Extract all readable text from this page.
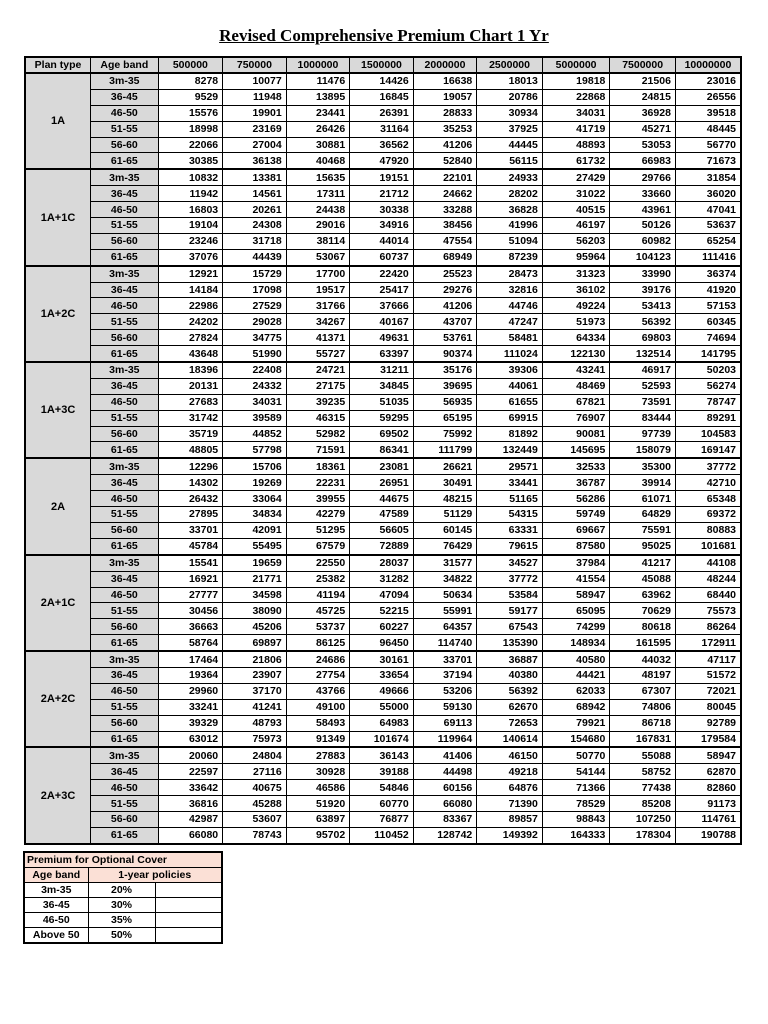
Revised Comprehensive Premium Chart 1 Yr
Plan type	Age band	500000	750000	1000000	1500000	2000000	2500000	5000000	7500000	10000000
1A	3m-35	8278	10077	11476	14426	16638	18013	19818	21506	23016
	36-45	9529	11948	13895	16845	19057	20786	22868	24815	26556
	46-50	15576	19901	23441	26391	28833	30934	34031	36928	39518
	51-55	18998	23169	26426	31164	35253	37925	41719	45271	48445
	56-60	22066	27004	30881	36562	41206	44445	48893	53053	56770
	61-65	30385	36138	40468	47920	52840	56115	61732	66983	71673
1A+1C	3m-35	10832	13381	15635	19151	22101	24933	27429	29766	31854
	36-45	11942	14561	17311	21712	24662	28202	31022	33660	36020
	46-50	16803	20261	24438	30338	33288	36828	40515	43961	47041
	51-55	19104	24308	29016	34916	38456	41996	46197	50126	53637
	56-60	23246	31718	38114	44014	47554	51094	56203	60982	65254
	61-65	37076	44439	53067	60737	68949	87239	95964	104123	111416
1A+2C	3m-35	12921	15729	17700	22420	25523	28473	31323	33990	36374
	36-45	14184	17098	19517	25417	29276	32816	36102	39176	41920
	46-50	22986	27529	31766	37666	41206	44746	49224	53413	57153
	51-55	24202	29028	34267	40167	43707	47247	51973	56392	60345
	56-60	27824	34775	41371	49631	53761	58481	64334	69803	74694
	61-65	43648	51990	55727	63397	90374	111024	122130	132514	141795
1A+3C	3m-35	18396	22408	24721	31211	35176	39306	43241	46917	50203
	36-45	20131	24332	27175	34845	39695	44061	48469	52593	56274
	46-50	27683	34031	39235	51035	56935	61655	67821	73591	78747
	51-55	31742	39589	46315	59295	65195	69915	76907	83444	89291
	56-60	35719	44852	52982	69502	75992	81892	90081	97739	104583
	61-65	48805	57798	71591	86341	111799	132449	145695	158079	169147
2A	3m-35	12296	15706	18361	23081	26621	29571	32533	35300	37772
	36-45	14302	19269	22231	26951	30491	33441	36787	39914	42710
	46-50	26432	33064	39955	44675	48215	51165	56286	61071	65348
	51-55	27895	34834	42279	47589	51129	54315	59749	64829	69372
	56-60	33701	42091	51295	56605	60145	63331	69667	75591	80883
	61-65	45784	55495	67579	72889	76429	79615	87580	95025	101681
2A+1C	3m-35	15541	19659	22550	28037	31577	34527	37984	41217	44108
	36-45	16921	21771	25382	31282	34822	37772	41554	45088	48244
	46-50	27777	34598	41194	47094	50634	53584	58947	63962	68440
	51-55	30456	38090	45725	52215	55991	59177	65095	70629	75573
	56-60	36663	45206	53737	60227	64357	67543	74299	80618	86264
	61-65	58764	69897	86125	96450	114740	135390	148934	161595	172911
2A+2C	3m-35	17464	21806	24686	30161	33701	36887	40580	44032	47117
	36-45	19364	23907	27754	33654	37194	40380	44421	48197	51572
	46-50	29960	37170	43766	49666	53206	56392	62033	67307	72021
	51-55	33241	41241	49100	55000	59130	62670	68942	74806	80045
	56-60	39329	48793	58493	64983	69113	72653	79921	86718	92789
	61-65	63012	75973	91349	101674	119964	140614	154680	167831	179584
2A+3C	3m-35	20060	24804	27883	36143	41406	46150	50770	55088	58947
	36-45	22597	27116	30928	39188	44498	49218	54144	58752	62870
	46-50	33642	40675	46586	54846	60156	64876	71366	77438	82860
	51-55	36816	45288	51920	60770	66080	71390	78529	85208	91173
	56-60	42987	53607	63897	76877	83367	89857	98843	107250	114761
	61-65	66080	78743	95702	110452	128742	149392	164333	178304	190788
Premium for Optional Cover		
Age band	1-year policies	
3m-35	20%	
36-45	30%	
46-50	35%	
Above 50	50%	
